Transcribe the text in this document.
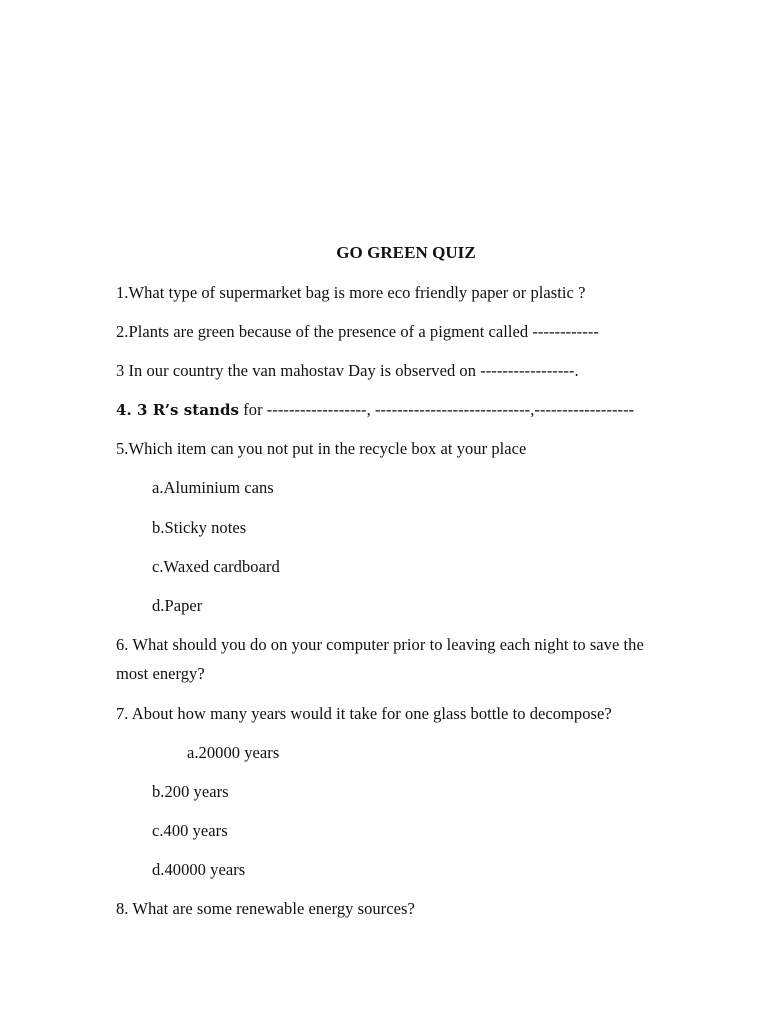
GO GREEN QUIZ
1.What type of supermarket bag is more eco friendly paper or plastic ?
2.Plants are green because of the presence of a pigment called ------------
3 In our country the van mahostav Day is observed on -----------------.
4. 3 R’s stands for ------------------, ----------------------------,------------------
5.Which item can you not put in the recycle box at your place
a.Aluminium cans
b.Sticky notes
c.Waxed cardboard
d.Paper
6. What should you do on your computer prior to leaving each night to save the
most energy?
7. About how many years would it take for one glass bottle to decompose?
a.20000 years
b.200 years
c.400 years
d.40000 years
8. What are some renewable energy sources?
